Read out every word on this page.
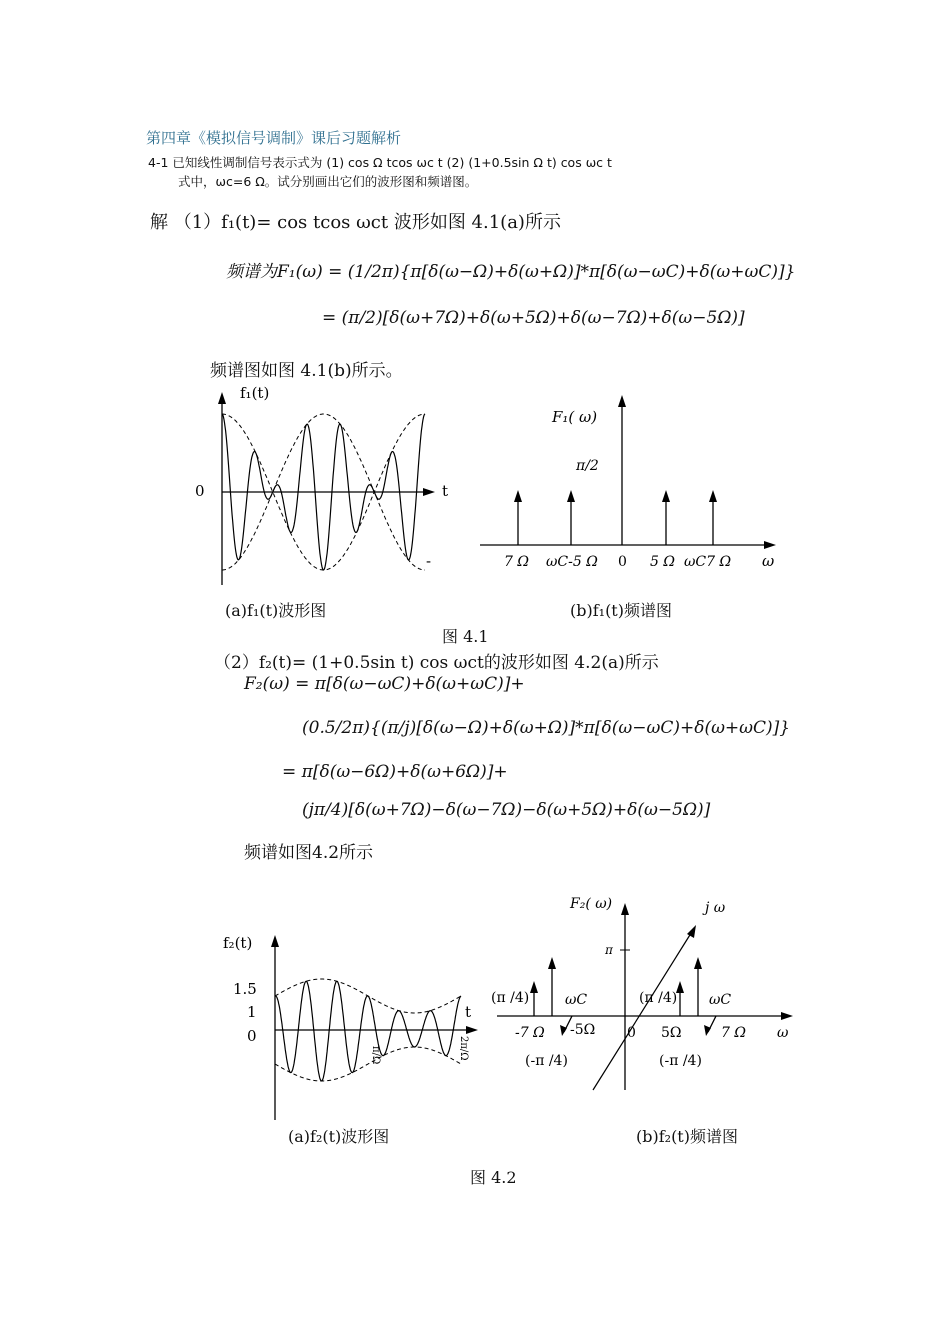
第四章《模拟信号调制》课后习题解析
4-1 已知线性调制信号表示式为 (1) cos Ω tcos ωc t (2) (1+0.5sin Ω t) cos ωc t
式中，ωc=6 Ω。试分别画出它们的波形图和频谱图。
解 （1）f₁(t)= cos tcos ωct 波形如图 4.1(a)所示
频谱为F₁(ω) = (1/2π){π[δ(ω−Ω)+δ(ω+Ω)]*π[δ(ω−ωC)+δ(ω+ωC)]}
= (π/2)[δ(ω+7Ω)+δ(ω+5Ω)+δ(ω−7Ω)+δ(ω−5Ω)]
频谱图如图 4.1(b)所示。
f₁(t)
0	t
-
F₁( ω)
π/2
7 Ω ωC-5 Ω 0 5 Ω ωC7 Ω ω
(a)f₁(t)波形图	(b)f₁(t)频谱图
图 4.1
（2）f₂(t)= (1+0.5sin t) cos ωct的波形如图 4.2(a)所示
F₂(ω) = π[δ(ω−ωC)+δ(ω+ωC)]+
(0.5/2π){(π/j)[δ(ω−Ω)+δ(ω+Ω)]*π[δ(ω−ωC)+δ(ω+ωC)]}
= π[δ(ω−6Ω)+δ(ω+6Ω)]+
(jπ/4)[δ(ω+7Ω)−δ(ω−7Ω)−δ(ω+5Ω)+δ(ω−5Ω)]
频谱如图4.2所示
f₂(t)
1.5
1
0
t
π/Ω	2π/Ω
F₂( ω)
π
j ω
(π /4)	ωC	(π /4) ωC
-7 Ω -5Ω 0 5Ω	7 Ω ω
(-π /4)	(-π /4)
(a)f₂(t)波形图	(b)f₂(t)频谱图
图 4.2
